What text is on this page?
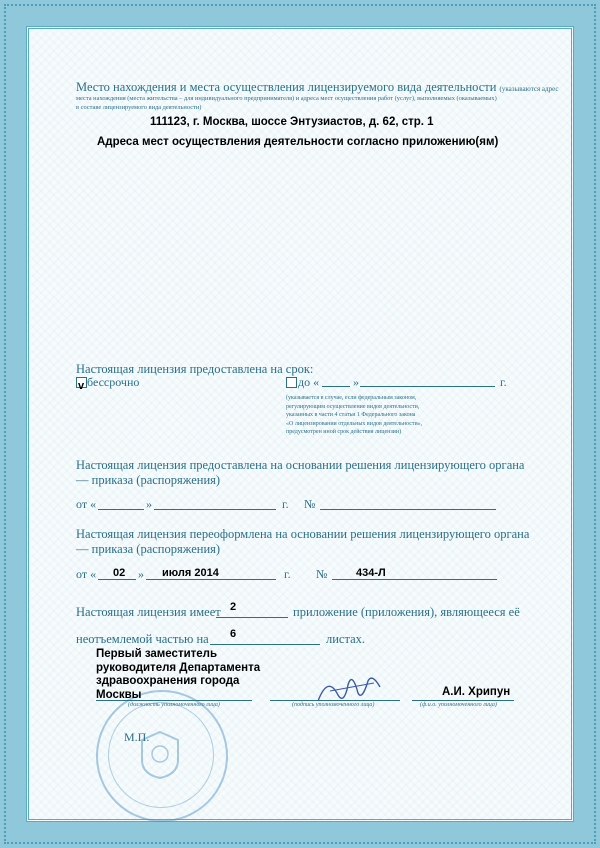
Место нахождения и места осуществления лицензируемого вида деятельности (указываются адрес
места нахождения (места жительства – для индивидуального предпринимателя) и адреса мест осуществления работ (услуг), выполняемых (оказываемых)
в составе лицензируемого вида деятельности)
111123, г. Москва, шоссе Энтузиастов, д. 62, стр. 1
Адреса мест осуществления деятельности согласно приложению(ям)
Настоящая лицензия предоставлена на срок:
v бессрочно	до «	»	г.
(указывается в случае, если федеральным законом,
регулирующим осуществление видов деятельности,
указанных в части 4 статьи 1 Федерального закона
«О лицензировании отдельных видов деятельности»,
предусмотрен иной срок действия лицензии)
Настоящая лицензия предоставлена на основании решения лицензирующего органа
— приказа (распоряжения)
от «	»	г. №
Настоящая лицензия переоформлена на основании решения лицензирующего органа
— приказа (распоряжения)
от « 02 » июля 2014	г. №	434-Л
Настоящая лицензия имеет 2	приложение (приложения), являющееся её
неотъемлемой частью на 6	листах.
Первый заместитель
руководителя Департамента
здравоохранения города
Москвы
(должность уполномоченного лица)	(подпись уполномоченного лица)
А.И. Хрипун
(ф.и.о. уполномоченного лица)
М.П.
